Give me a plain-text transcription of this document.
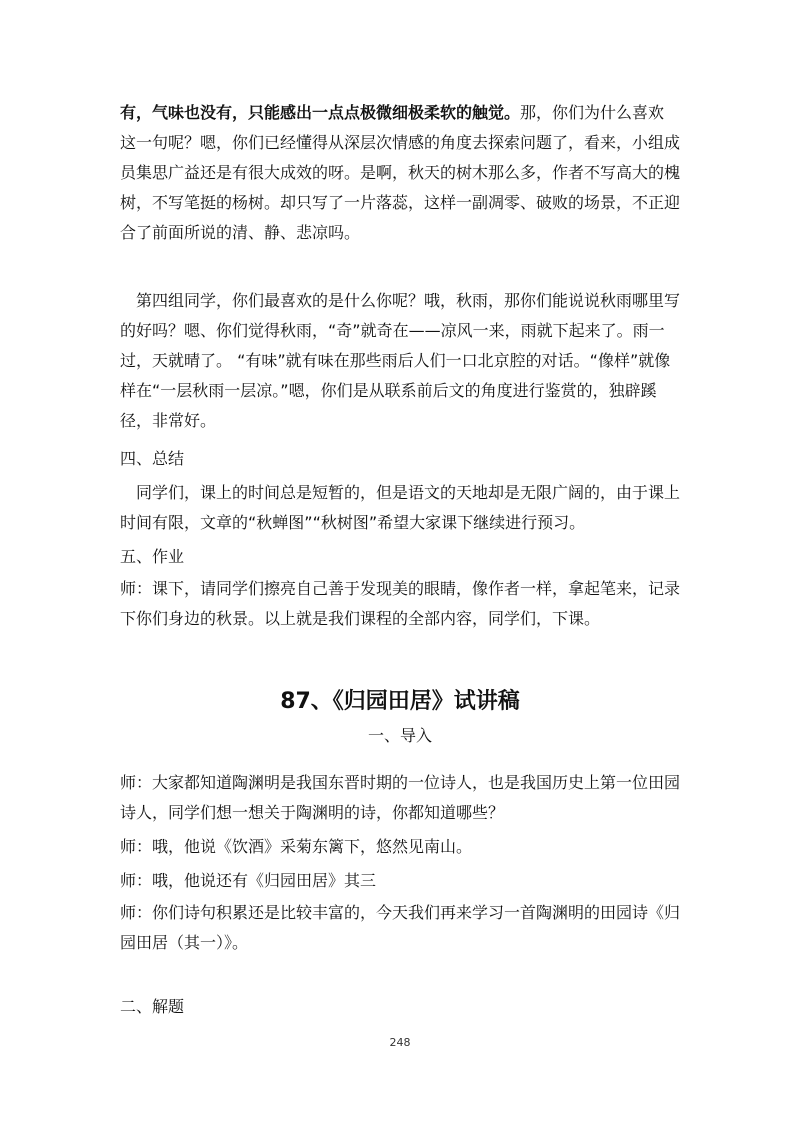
有，气味也没有，只能感出一点点极微细极柔软的触觉。那，你们为什么喜欢这一句呢？嗯，你们已经懂得从深层次情感的角度去探索问题了，看来，小组成员集思广益还是有很大成效的呀。是啊，秋天的树木那么多，作者不写高大的槐树，不写笔挺的杨树。却只写了一片落蕊，这样一副凋零、破败的场景，不正迎合了前面所说的清、静、悲凉吗。

第四组同学，你们最喜欢的是什么你呢？哦，秋雨，那你们能说说秋雨哪里写的好吗？嗯、你们觉得秋雨，“奇”就奇在——凉风一来，雨就下起来了。雨一过，天就晴了。 “有味”就有味在那些雨后人们一口北京腔的对话。“像样”就像样在“一层秋雨一层凉。”嗯，你们是从联系前后文的角度进行鉴赏的，独辟蹊径，非常好。

四、总结

同学们，课上的时间总是短暂的，但是语文的天地却是无限广阔的，由于课上时间有限，文章的“秋蝉图”“秋树图”希望大家课下继续进行预习。

五、作业

师：课下，请同学们擦亮自己善于发现美的眼睛，像作者一样，拿起笔来，记录下你们身边的秋景。以上就是我们课程的全部内容，同学们，下课。

87、《归园田居》试讲稿

一、导入

师：大家都知道陶渊明是我国东晋时期的一位诗人，也是我国历史上第一位田园诗人，同学们想一想关于陶渊明的诗，你都知道哪些？

师：哦，他说《饮酒》采菊东篱下，悠然见南山。

师：哦，他说还有《归园田居》其三

师：你们诗句积累还是比较丰富的，今天我们再来学习一首陶渊明的田园诗《归园田居（其一）》。

二、解题

248
